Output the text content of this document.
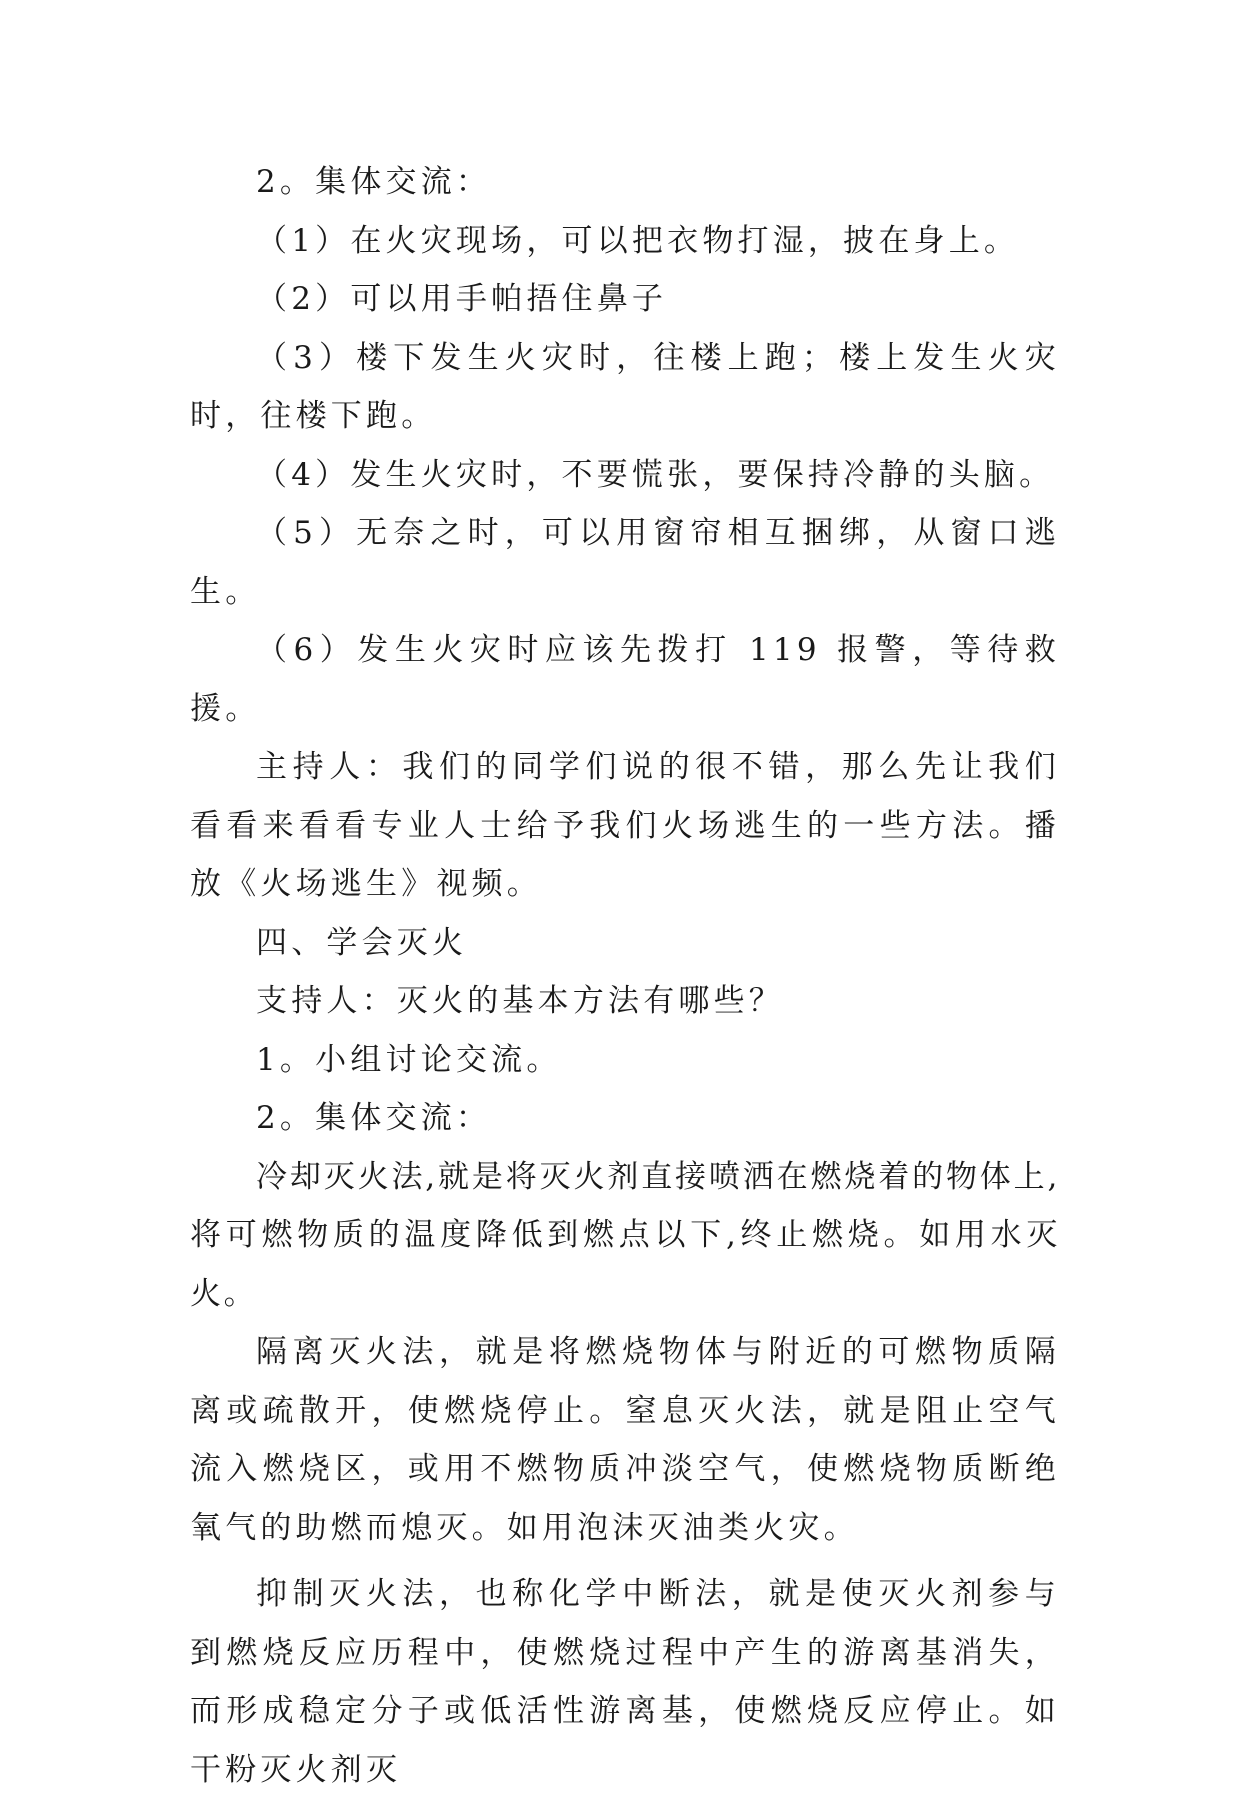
2。集体交流：

（1）在火灾现场，可以把衣物打湿，披在身上。

（2）可以用手帕捂住鼻子

（3）楼下发生火灾时，往楼上跑；楼上发生火灾时，往楼下跑。

（4）发生火灾时，不要慌张，要保持冷静的头脑。

（5）无奈之时，可以用窗帘相互捆绑，从窗口逃生。

（6）发生火灾时应该先拨打 119 报警，等待救援。

主持人：我们的同学们说的很不错，那么先让我们看看来看看专业人士给予我们火场逃生的一些方法。播放《火场逃生》视频。

四、学会灭火

支持人：灭火的基本方法有哪些？

1。小组讨论交流。

2。集体交流：

冷却灭火法,就是将灭火剂直接喷洒在燃烧着的物体上,将可燃物质的温度降低到燃点以下,终止燃烧。如用水灭火。

隔离灭火法，就是将燃烧物体与附近的可燃物质隔离或疏散开，使燃烧停止。窒息灭火法，就是阻止空气流入燃烧区，或用不燃物质冲淡空气，使燃烧物质断绝氧气的助燃而熄灭。如用泡沫灭油类火灾。

抑制灭火法，也称化学中断法，就是使灭火剂参与到燃烧反应历程中，使燃烧过程中产生的游离基消失，而形成稳定分子或低活性游离基，使燃烧反应停止。如干粉灭火剂灭
